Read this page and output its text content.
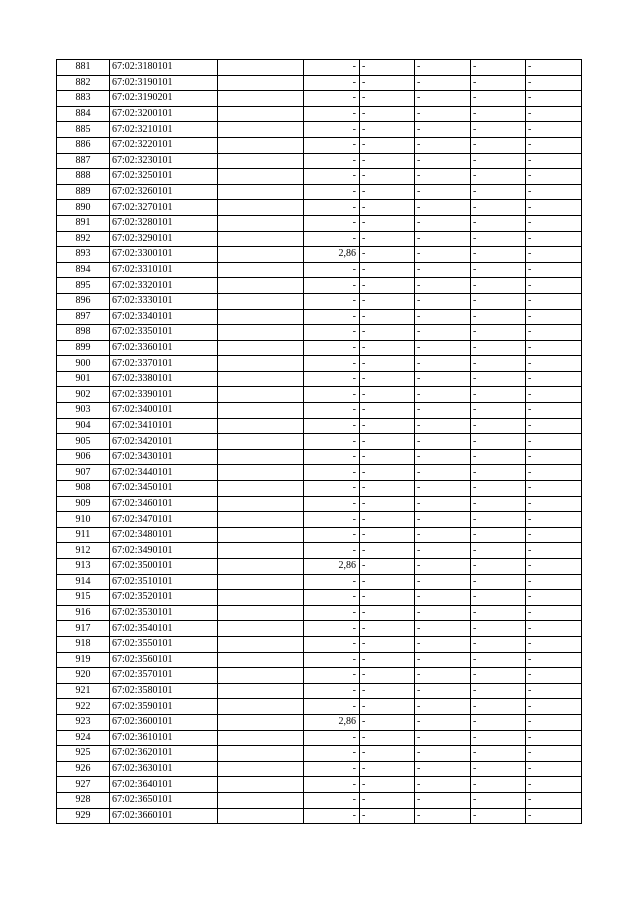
881	67:02:3180101		-	-	-	-	-
882	67:02:3190101		-	-	-	-	-
883	67:02:3190201		-	-	-	-	-
884	67:02:3200101		-	-	-	-	-
885	67:02:3210101		-	-	-	-	-
886	67:02:3220101		-	-	-	-	-
887	67:02:3230101		-	-	-	-	-
888	67:02:3250101		-	-	-	-	-
889	67:02:3260101		-	-	-	-	-
890	67:02:3270101		-	-	-	-	-
891	67:02:3280101		-	-	-	-	-
892	67:02:3290101		-	-	-	-	-
893	67:02:3300101		2,86	-	-	-	-
894	67:02:3310101		-	-	-	-	-
895	67:02:3320101		-	-	-	-	-
896	67:02:3330101		-	-	-	-	-
897	67:02:3340101		-	-	-	-	-
898	67:02:3350101		-	-	-	-	-
899	67:02:3360101		-	-	-	-	-
900	67:02:3370101		-	-	-	-	-
901	67:02:3380101		-	-	-	-	-
902	67:02:3390101		-	-	-	-	-
903	67:02:3400101		-	-	-	-	-
904	67:02:3410101		-	-	-	-	-
905	67:02:3420101		-	-	-	-	-
906	67:02:3430101		-	-	-	-	-
907	67:02:3440101		-	-	-	-	-
908	67:02:3450101		-	-	-	-	-
909	67:02:3460101		-	-	-	-	-
910	67:02:3470101		-	-	-	-	-
911	67:02:3480101		-	-	-	-	-
912	67:02:3490101		-	-	-	-	-
913	67:02:3500101		2,86	-	-	-	-
914	67:02:3510101		-	-	-	-	-
915	67:02:3520101		-	-	-	-	-
916	67:02:3530101		-	-	-	-	-
917	67:02:3540101		-	-	-	-	-
918	67:02:3550101		-	-	-	-	-
919	67:02:3560101		-	-	-	-	-
920	67:02:3570101		-	-	-	-	-
921	67:02:3580101		-	-	-	-	-
922	67:02:3590101		-	-	-	-	-
923	67:02:3600101		2,86	-	-	-	-
924	67:02:3610101		-	-	-	-	-
925	67:02:3620101		-	-	-	-	-
926	67:02:3630101		-	-	-	-	-
927	67:02:3640101		-	-	-	-	-
928	67:02:3650101		-	-	-	-	-
929	67:02:3660101		-	-	-	-	-
